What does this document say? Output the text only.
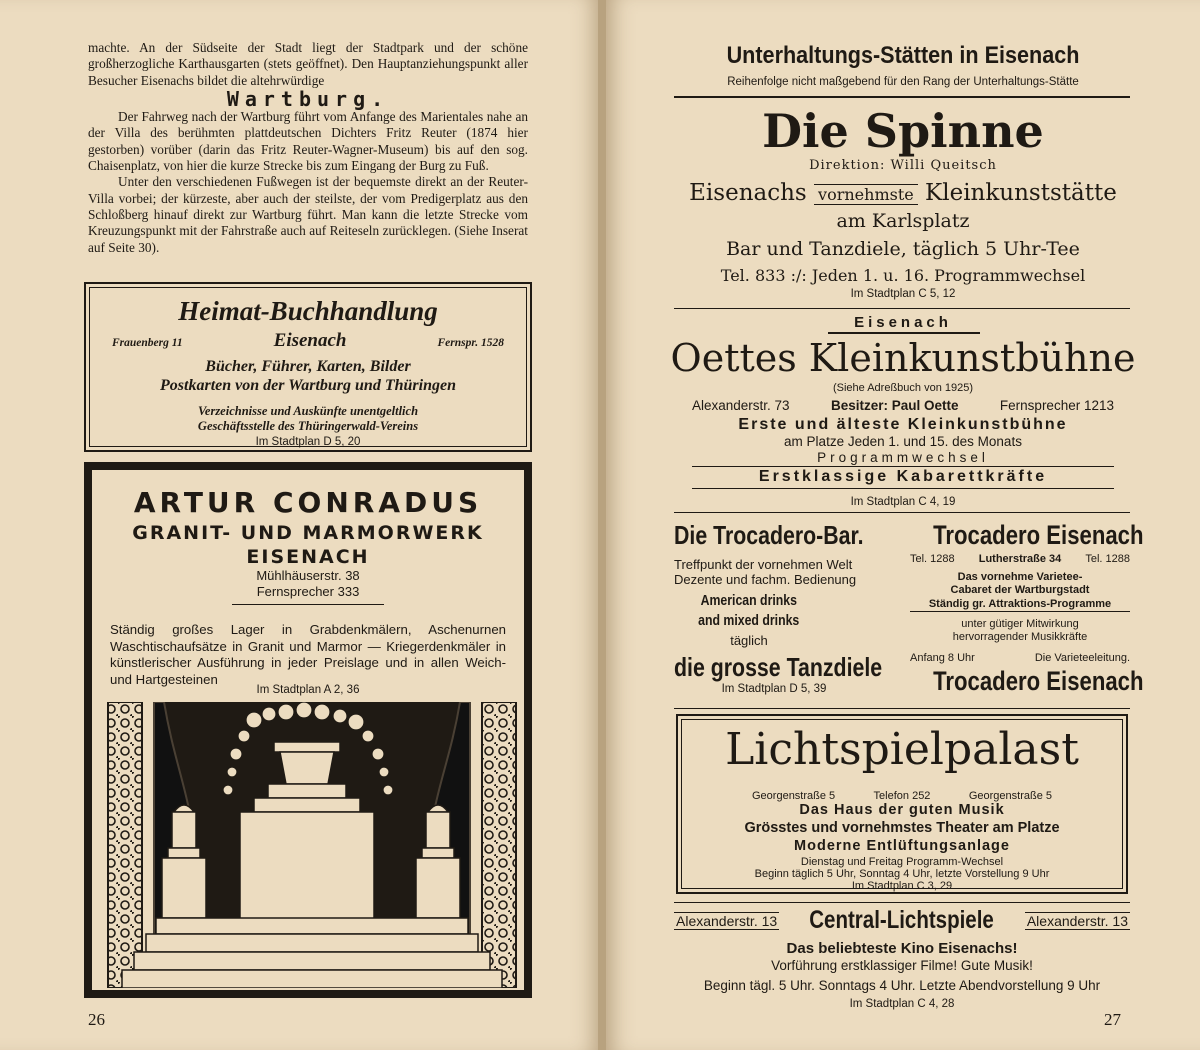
machte. An der Südseite der Stadt liegt der Stadtpark und der schöne großherzogliche Karthausgarten (stets geöffnet). Den Hauptanziehungspunkt aller Besucher Eisenachs bildet die altehrwürdige

Wartburg.

Der Fahrweg nach der Wartburg führt vom Anfange des Marientales nahe an der Villa des berühmten plattdeutschen Dichters Fritz Reuter (1874 hier gestorben) vorüber (darin das Fritz Reuter-Wagner-Museum) bis auf den sog. Chaisenplatz, von hier die kurze Strecke bis zum Eingang der Burg zu Fuß.

Unter den verschiedenen Fußwegen ist der bequemste direkt an der Reuter-Villa vorbei; der kürzeste, aber auch der steilste, der vom Predigerplatz aus den Schloßberg hinauf direkt zur Wartburg führt. Man kann die letzte Strecke vom Kreuzungspunkt mit der Fahrstraße auch auf Reiteseln zurücklegen. (Siehe Inserat auf Seite 30).

Heimat-Buchhandlung
Frauenberg 11	Eisenach	Fernspr. 1528
Bücher, Führer, Karten, Bilder
Postkarten von der Wartburg und Thüringen
Verzeichnisse und Auskünfte unentgeltlich
Geschäftsstelle des Thüringerwald-Vereins
Im Stadtplan D 5, 20
ARTUR CONRADUS
GRANIT- UND MARMORWERK
EISENACH
Mühlhäuserstr. 38
Fernsprecher 333
Ständig großes Lager in Grabdenkmälern, Aschenurnen Waschtischaufsätze in Granit und Marmor — Kriegerdenkmäler in künstlerischer Ausführung in jeder Preislage und in allen Weich- und Hartgesteinen
Im Stadtplan A 2, 36
26
Unterhaltungs-Stätten in Eisenach
Reihenfolge nicht maßgebend für den Rang der Unterhaltungs-Stätte
Die Spinne
Direktion: Willi Queitsch
Eisenachs vornehmste Kleinkunststätte
am Karlsplatz
Bar und Tanzdiele, täglich 5 Uhr-Tee
Tel. 833 :/: Jeden 1. u. 16. Programmwechsel
Im Stadtplan C 5, 12
Eisenach
Oettes Kleinkunstbühne
(Siehe Adreßbuch von 1925)
Alexanderstr. 73	Besitzer: Paul Oette	Fernsprecher 1213
Erste und älteste Kleinkunstbühne
am Platze Jeden 1. und 15. des Monats
Programmwechsel
Erstklassige Kabarettkräfte
Im Stadtplan C 4, 19
Die Trocadero-Bar.
Treffpunkt der vornehmen Welt
Dezente und fachm. Bedienung
American drinks
and mixed drinks
täglich
die grosse Tanzdiele
Im Stadtplan D 5, 39
Trocadero Eisenach
Tel. 1288 Lutherstraße 34 Tel. 1288
Das vornehme Varietee-
Cabaret der Wartburgstadt
Ständig gr. Attraktions-Programme
unter gütiger Mitwirkung
hervorragender Musikkräfte
Anfang 8 Uhr	Die Varieteeleitung.
Trocadero Eisenach
Lichtspielpalast
Georgenstraße 5	Telefon 252	Georgenstraße 5
Das Haus der guten Musik
Grösstes und vornehmstes Theater am Platze
Moderne Entlüftungsanlage
Dienstag und Freitag Programm-Wechsel
Beginn täglich 5 Uhr, Sonntag 4 Uhr, letzte Vorstellung 9 Uhr
Im Stadtplan C 3, 29
Alexanderstr. 13	Central-Lichtspiele	Alexanderstr. 13
Das beliebteste Kino Eisenachs!
Vorführung erstklassiger Filme! Gute Musik!
Beginn tägl. 5 Uhr. Sonntags 4 Uhr. Letzte Abendvorstellung 9 Uhr
Im Stadtplan C 4, 28
27
